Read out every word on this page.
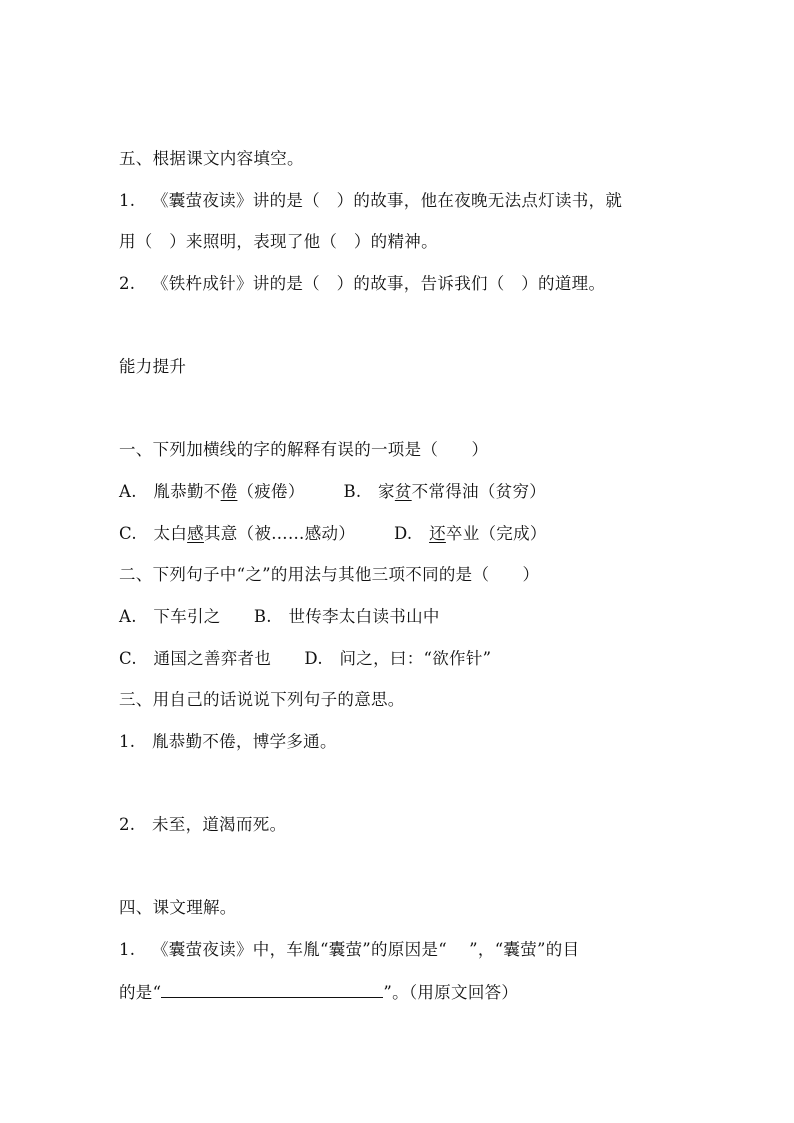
五、根据课文内容填空。
1.   《囊萤夜读》讲的是（   ）的故事，他在夜晚无法点灯读书，就
用（   ）来照明，表现了他（   ）的精神。
2.   《铁杵成针》讲的是（   ）的故事，告诉我们（   ）的道理。
能力提升
一、下列加横线的字的解释有误的一项是（      ）
A.   胤恭勤不倦（疲倦）       B.   家贫不常得油（贫穷）
C.   太白感其意（被……感动）       D.   还卒业（完成）
二、下列句子中“之”的用法与其他三项不同的是（      ）
A.   下车引之      B.   世传李太白读书山中
C.   通国之善弈者也      D.   问之，曰：“欲作针”
三、用自己的话说说下列句子的意思。
1.   胤恭勤不倦，博学多通。
2.   未至，道渴而死。
四、课文理解。
1.   《囊萤夜读》中，车胤“囊萤”的原因是“    ”，“囊萤”的目
的是“	”。（用原文回答）
